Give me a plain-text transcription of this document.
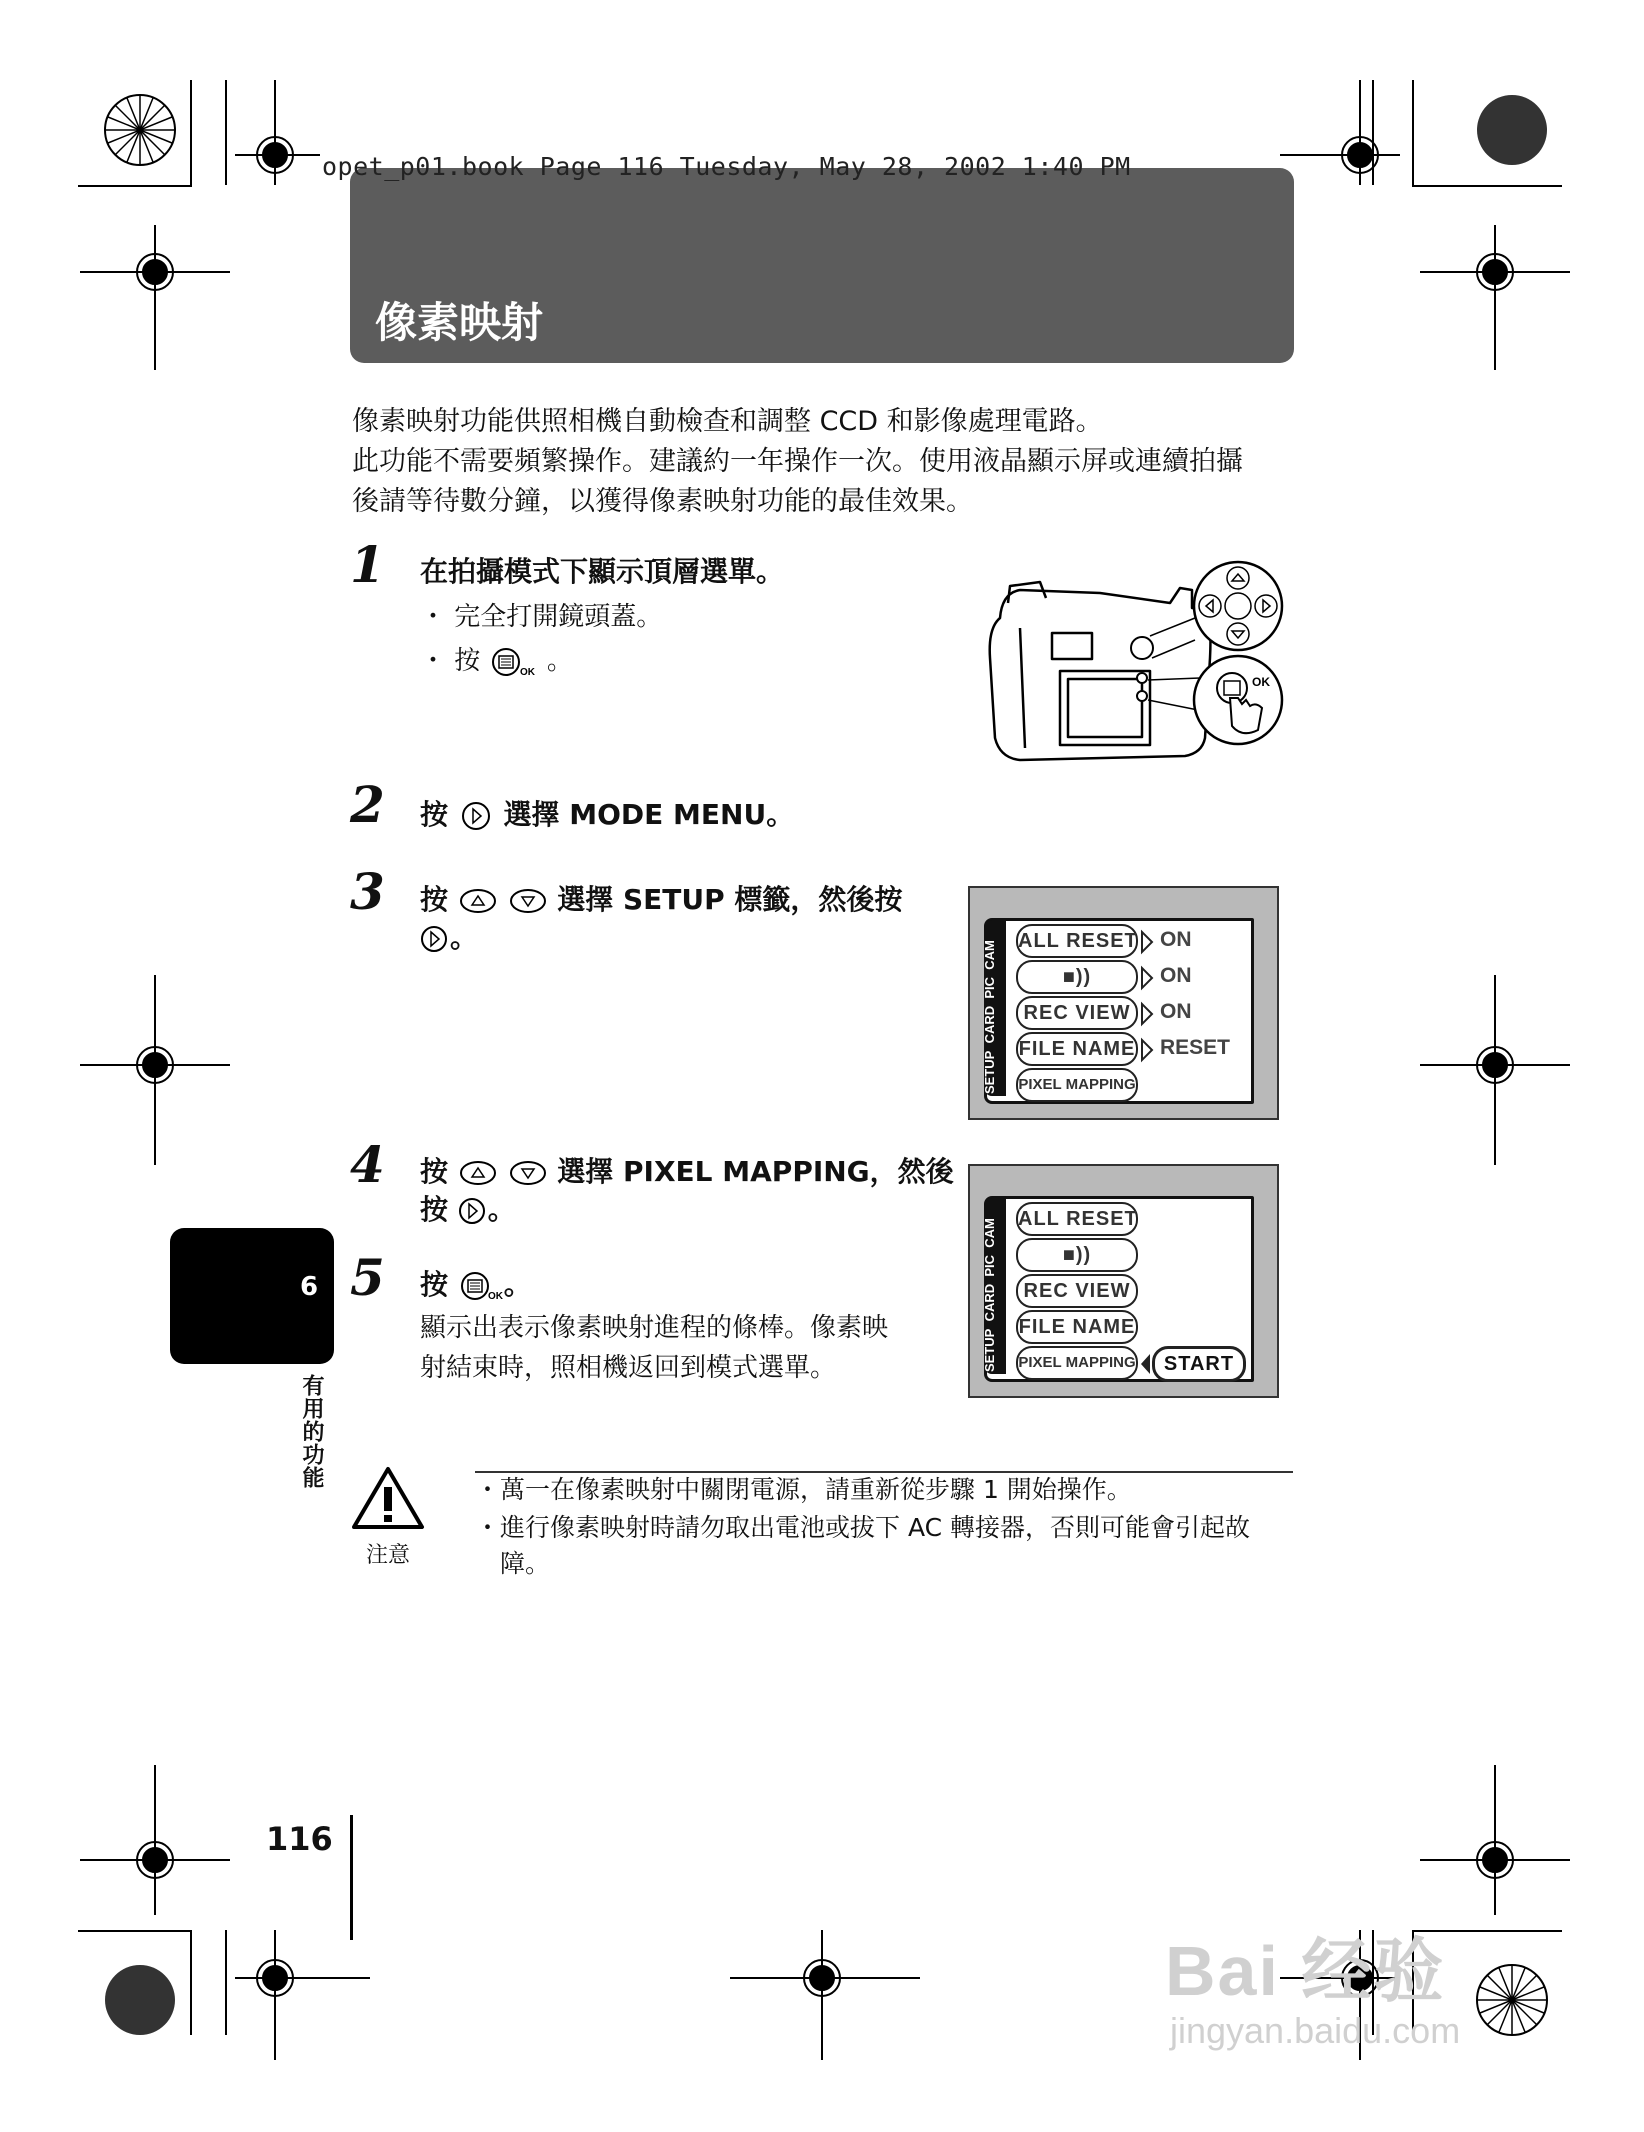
opet_p01.book Page 116 Tuesday, May 28, 2002 1:40 PM
像素映射
像素映射功能供照相機自動檢查和調整 CCD 和影像處理電路。
此功能不需要頻繁操作。建議約一年操作一次。使用液晶顯示屏或連續拍攝
後請等待數分鐘，以獲得像素映射功能的最佳效果。
1 在拍攝模式下顯示頂層選單。
・ 完全打開鏡頭蓋。
・ 按	OK 。
OK
2 按 選擇 MODE MENU。
3 按	選擇 SETUP 標籤，然後按
。
SETUP  CARD  PIC  CAM	ALL RESET ON
■))	ON
REC VIEW	ON
FILE NAME RESET
PIXEL MAPPING
4 按	選擇 PIXEL MAPPING，然後
按 。
SETUP  CARD  PIC  CAM	ALL RESET
■))
REC VIEW
FILE NAME
PIXEL MAPPING	START
5 按	OK 。
顯示出表示像素映射進程的條棒。像素映
射結束時，照相機返回到模式選單。
6
有用的功能
注意
・萬一在像素映射中關閉電源，請重新從步驟 1 開始操作。
・進行像素映射時請勿取出電池或拔下 AC 轉接器，否則可能會引起故
　障。
116
Bai 经验
jingyan.baidu.com
